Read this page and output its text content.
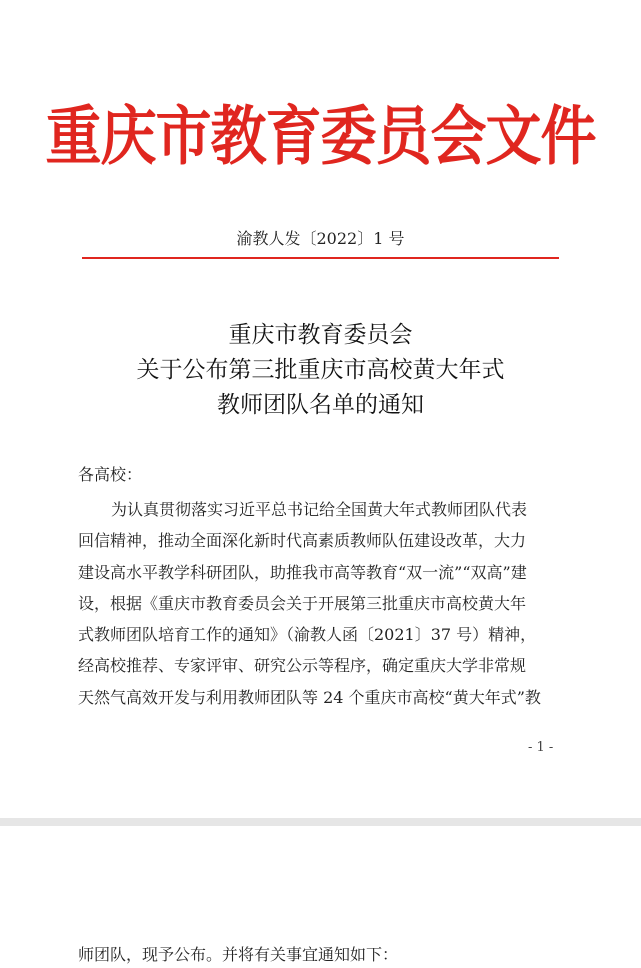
重庆市教育委员会文件
渝教人发〔2022〕1 号
重庆市教育委员会
关于公布第三批重庆市高校黄大年式
教师团队名单的通知
各高校：
为认真贯彻落实习近平总书记给全国黄大年式教师团队代表
回信精神，推动全面深化新时代高素质教师队伍建设改革，大力
建设高水平教学科研团队，助推我市高等教育“双一流”“双高”建
设，根据《重庆市教育委员会关于开展第三批重庆市高校黄大年
式教师团队培育工作的通知》（渝教人函〔2021〕37 号）精神，
经高校推荐、专家评审、研究公示等程序，确定重庆大学非常规
天然气高效开发与利用教师团队等 24 个重庆市高校“黄大年式”教
- 1 -
师团队，现予公布。并将有关事宜通知如下：
